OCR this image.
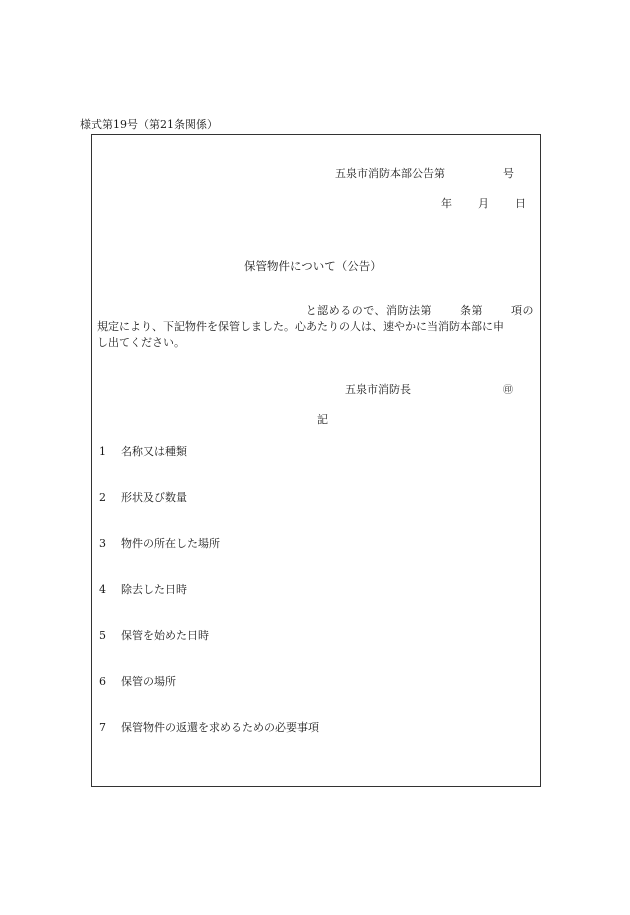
様式第19号（第21条関係）
五泉市消防本部公告第	号
年 月 日
保管物件について（公告）
と認めるので、消防法第	条第	項の
規定により、下記物件を保管しました。心あたりの人は、速やかに当消防本部に申
し出てください。
五泉市消防長	㊞
記
1 名称又は種類
2 形状及び数量
3 物件の所在した場所
4 除去した日時
5 保管を始めた日時
6 保管の場所
7 保管物件の返還を求めるための必要事項
